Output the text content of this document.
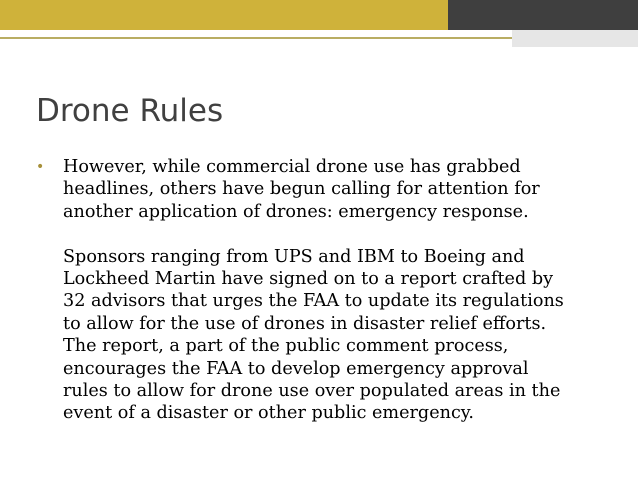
Drone Rules
•	However, while commercial drone use has grabbed
headlines, others have begun calling for attention for
another application of drones: emergency response.

Sponsors ranging from UPS and IBM to Boeing and
Lockheed Martin have signed on to a report crafted by
32 advisors that urges the FAA to update its regulations
to allow for the use of drones in disaster relief efforts.
The report, a part of the public comment process,
encourages the FAA to develop emergency approval
rules to allow for drone use over populated areas in the
event of a disaster or other public emergency.
